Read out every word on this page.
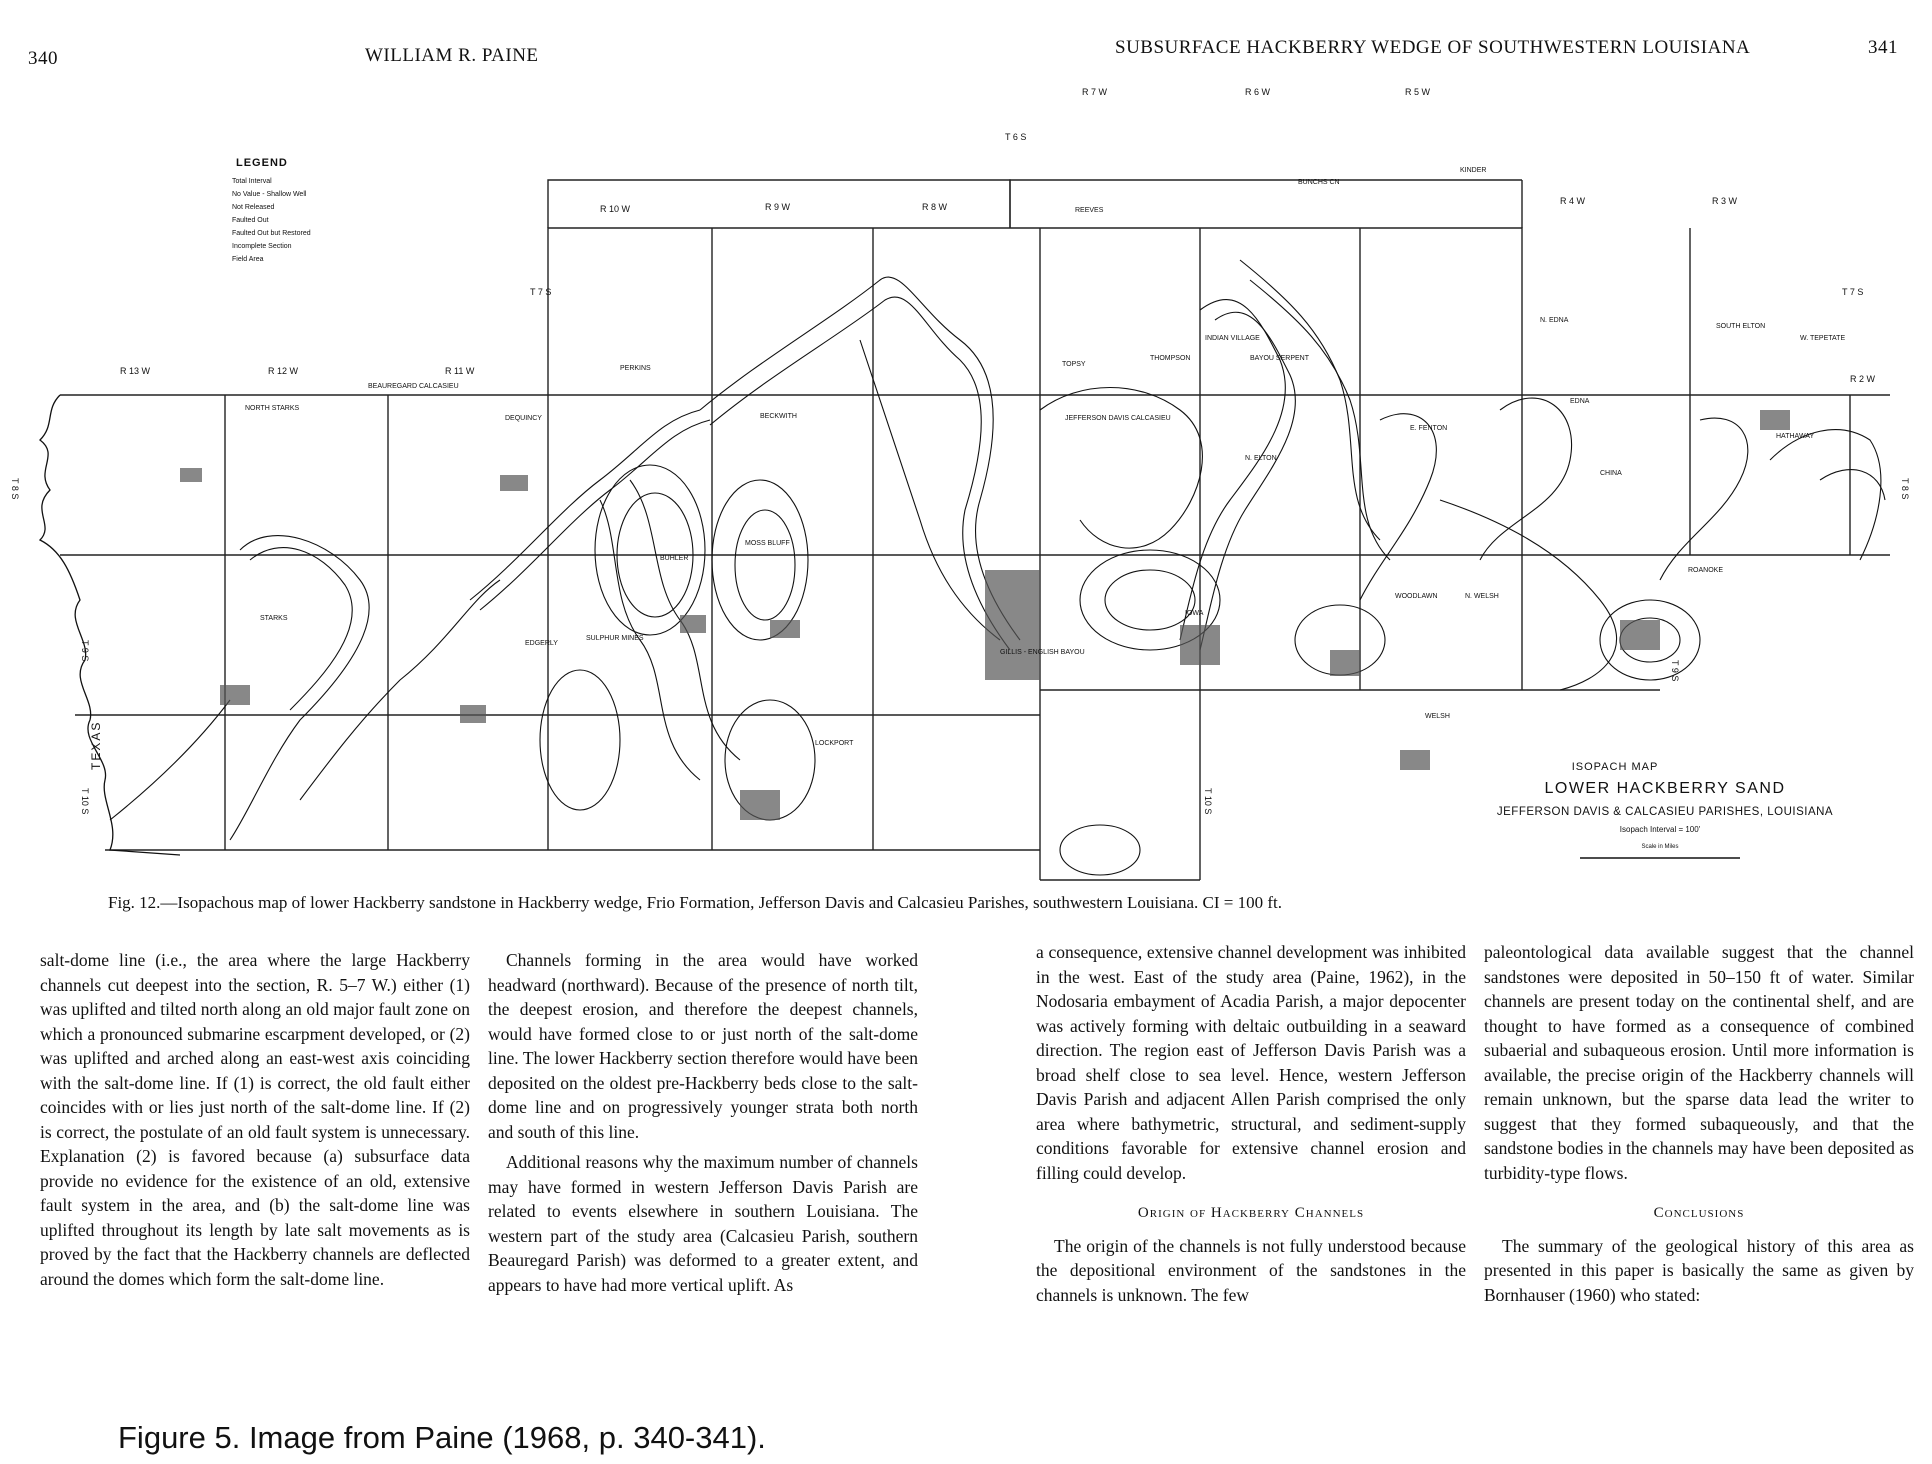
340	WILLIAM R. PAINE	SUBSURFACE HACKBERRY WEDGE OF SOUTHWESTERN LOUISIANA	341
LEGEND
Total Interval
No Value - Shallow Well
Not Released
Faulted Out
Faulted Out but Restored
Incomplete Section
Field Area
R 13 W	R 12 W	R 11 W
R 10 W	R 9 W	R 8 W
R 7 W	R 6 W	R 5 W
R 4 W	R 3 W
R 2 W
T 6 S
T 7 S	T 7 S
T 8 S	T 8 S
T 9 S
T 9 S
T 10 S	T 10 S
TEXAS
NORTH STARKS
STARKS
BEAUREGARD CALCASIEU
DEQUINCY
PERKINS
BECKWITH
BUHLER
MOSS BLUFF
SULPHUR MINES
EDGERLY
LOCKPORT
GILLIS - ENGLISH BAYOU
TOPSY
THOMPSON
JEFFERSON DAVIS CALCASIEU
INDIAN VILLAGE
BAYOU SERPENT
N. ELTON
IOWA
WOODLAWN
WELSH
N. WELSH
E. FENTON
N. EDNA
EDNA
CHINA
ROANOKE
HATHAWAY
SOUTH ELTON
W. TEPETATE
KINDER
BUNCHS CN
REEVES
ISOPACH MAP
LOWER HACKBERRY SAND
JEFFERSON DAVIS & CALCASIEU PARISHES, LOUISIANA
Isopach Interval = 100'
Scale in Miles
Fig. 12.—Isopachous map of lower Hackberry sandstone in Hackberry wedge, Frio Formation, Jefferson Davis and Calcasieu Parishes, southwestern Louisiana. CI = 100 ft.

salt-dome line (i.e., the area where the large Hackberry channels cut deepest into the section, R. 5–7 W.) either (1) was uplifted and tilted north along an old major fault zone on which a pronounced submarine escarpment developed, or (2) was uplifted and arched along an east-west axis coinciding with the salt-dome line. If (1) is correct, the old fault either coincides with or lies just north of the salt-dome line. If (2) is correct, the postulate of an old fault system is unnecessary. Explanation (2) is favored because (a) subsurface data provide no evidence for the existence of an old, extensive fault system in the area, and (b) the salt-dome line was uplifted throughout its length by late salt movements as is proved by the fact that the Hackberry channels are deflected around the domes which form the salt-dome line.

Channels forming in the area would have worked headward (northward). Because of the presence of north tilt, the deepest erosion, and therefore the deepest channels, would have formed close to or just north of the salt-dome line. The lower Hackberry section therefore would have been deposited on the oldest pre-Hackberry beds close to the salt-dome line and on progressively younger strata both north and south of this line.

Additional reasons why the maximum number of channels may have formed in western Jefferson Davis Parish are related to events elsewhere in southern Louisiana. The western part of the study area (Calcasieu Parish, southern Beauregard Parish) was deformed to a greater extent, and appears to have had more vertical uplift. As

a consequence, extensive channel development was inhibited in the west. East of the study area (Paine, 1962), in the Nodosaria embayment of Acadia Parish, a major depocenter was actively forming with deltaic outbuilding in a seaward direction. The region east of Jefferson Davis Parish was a broad shelf close to sea level. Hence, western Jefferson Davis Parish and adjacent Allen Parish comprised the only area where bathymetric, structural, and sediment-supply conditions favorable for extensive channel erosion and filling could develop.

Origin of Hackberry Channels

The origin of the channels is not fully understood because the depositional environment of the sandstones in the channels is unknown. The few

paleontological data available suggest that the channel sandstones were deposited in 50–150 ft of water. Similar channels are present today on the continental shelf, and are thought to have formed as a consequence of combined subaerial and subaqueous erosion. Until more information is available, the precise origin of the Hackberry channels will remain unknown, but the sparse data lead the writer to suggest that they formed subaqueously, and that the sandstone bodies in the channels may have been deposited as turbidity-type flows.

Conclusions

The summary of the geological history of this area as presented in this paper is basically the same as given by Bornhauser (1960) who stated:

Figure 5. Image from Paine (1968, p. 340-341).
